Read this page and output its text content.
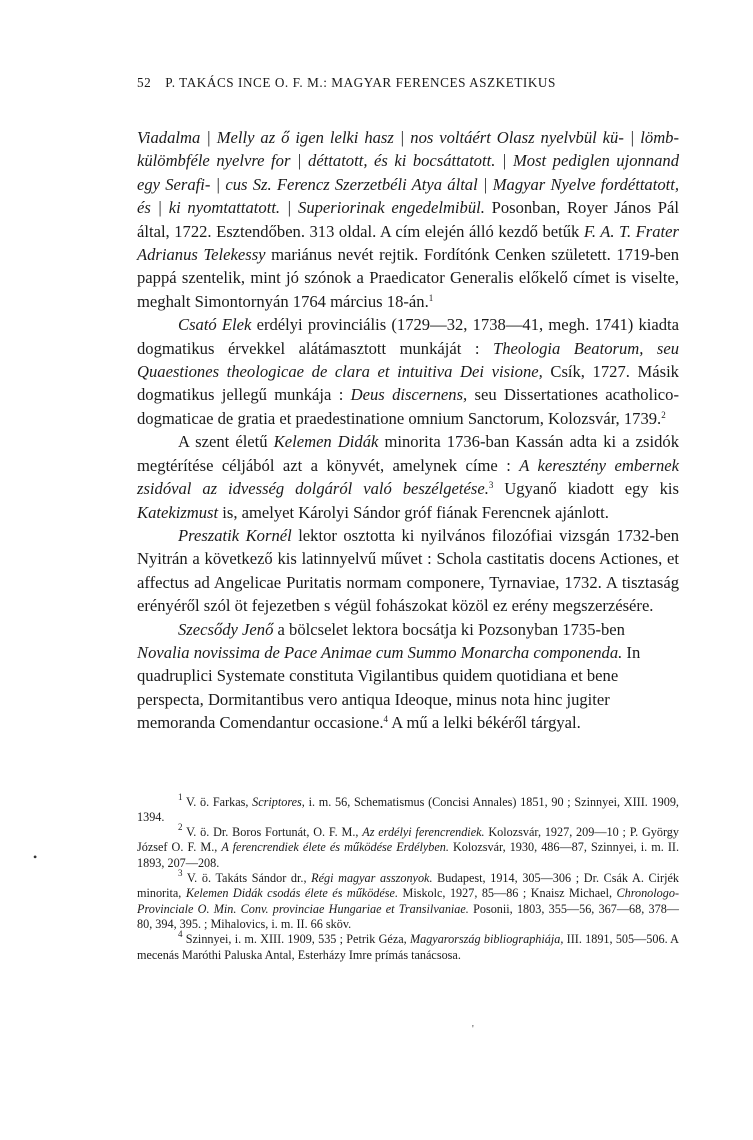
52 P. TAKÁCS INCE O. F. M.: MAGYAR FERENCES ASZKETIKUS

Viadalma | Melly az ő igen lelki hasz | nos voltáért Olasz nyelvbül kü- | lömb-külömbféle nyelvre for | déttatott, és ki bocsáttatott. | Most pediglen ujonnand egy Serafi- | cus Sz. Ferencz Szerzetbéli Atya által | Magyar Nyelve fordéttatott, és | ki nyomtattatott. | Superiorinak engedelmibül. Posonban, Royer János Pál által, 1722. Esztendőben. 313 oldal. A cím elején álló kezdő betűk F. A. T. Frater Adrianus Telekessy mariánus nevét rejtik. Fordítónk Cenken született. 1719-ben pappá szentelik, mint jó szónok a Praedicator Generalis előkelő címet is viselte, meghalt Simontornyán 1764 március 18-án.$^1$

Csató Elek erdélyi provinciális (1729—32, 1738—41, megh. 1741) kiadta dogmatikus érvekkel alátámasztott munkáját : Theologia Beatorum, seu Quaestiones theologicae de clara et intuitiva Dei visione, Csík, 1727. Másik dogmatikus jellegű munkája : Deus discernens, seu Dissertationes acatholico-dogmaticae de gratia et praedestinatione omnium Sanctorum, Kolozsvár, 1739.$^2$

A szent életű Kelemen Didák minorita 1736-ban Kassán adta ki a zsidók megtérítése céljából azt a könyvét, amelynek címe : A keresztény embernek zsidóval az idvesség dolgáról való beszélgetése.$^3$ Ugyanő kiadott egy kis Katekizmust is, amelyet Károlyi Sándor gróf fiának Ferencnek ajánlott.

Preszatik Kornél lektor osztotta ki nyilvános filozófiai vizsgán 1732-ben Nyitrán a következő kis latinnyelvű művet : Schola castitatis docens Actiones, et affectus ad Angelicae Puritatis normam componere, Tyrnaviae, 1732. A tisztaság erényéről szól öt fejezetben s végül fohászokat közöl ez erény megszerzésére.

Szecsődy Jenő a bölcselet lektora bocsátja ki Pozsonyban 1735-ben Novalia novissima de Pace Animae cum Summo Monarcha componenda. In quadruplici Systemate constituta Vigilantibus quidem quotidiana et bene perspecta, Dormitantibus vero antiqua Ideoque, minus nota hinc jugiter memoranda Comendantur occasione.$^4$ A mű a lelki békéről tárgyal.

$^1$ V. ö. Farkas, Scriptores, i. m. 56, Schematismus (Concisi Annales) 1851, 90 ; Szinnyei, XIII. 1909, 1394.

$^2$ V. ö. Dr. Boros Fortunát, O. F. M., Az erdélyi ferencrendiek. Kolozsvár, 1927, 209—10 ; P. György József O. F. M., A ferencrendiek élete és működése Erdélyben. Kolozsvár, 1930, 486—87, Szinnyei, i. m. II. 1893, 207—208.

$^3$ V. ö. Takáts Sándor dr., Régi magyar asszonyok. Budapest, 1914, 305—306 ; Dr. Csák A. Cirjék minorita, Kelemen Didák csodás élete és működése. Miskolc, 1927, 85—86 ; Knaisz Michael, Chronologo-Provinciale O. Min. Conv. provinciae Hungariae et Transilvaniae. Posonii, 1803, 355—56, 367—68, 378—80, 394, 395. ; Mihalovics, i. m. II. 66 sköv.

$^4$ Szinnyei, i. m. XIII. 1909, 535 ; Petrik Géza, Magyarország bibliographiája, III. 1891, 505—506. A mecenás Maróthi Paluska Antal, Esterházy Imre prímás tanácsosa.

•
'
